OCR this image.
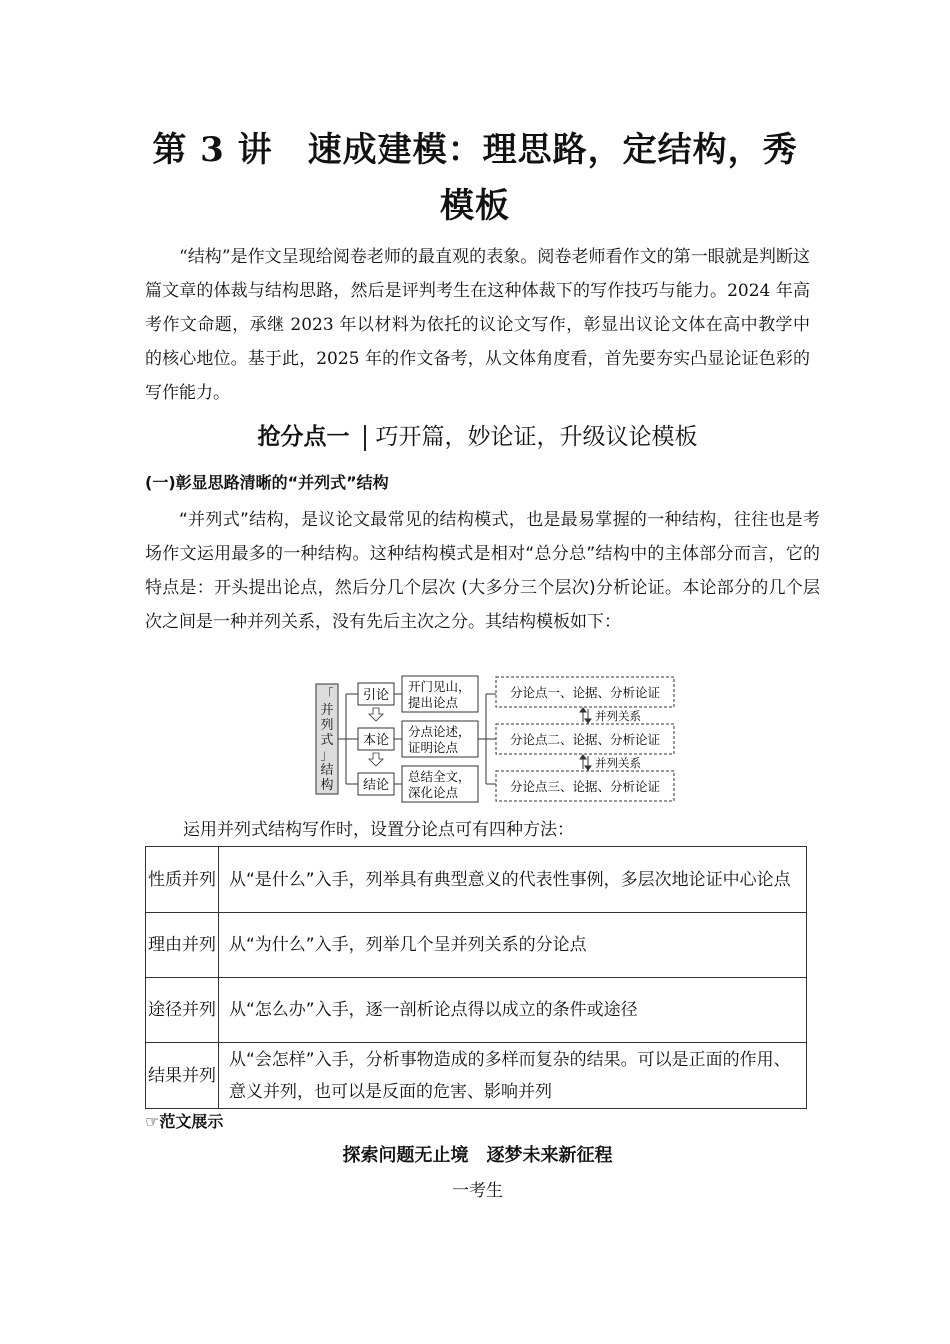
第 3 讲　速成建模：理思路，定结构，秀模板
“结构”是作文呈现给阅卷老师的最直观的表象。阅卷老师看作文的第一眼就是判断这篇文章的体裁与结构思路，然后是评判考生在这种体裁下的写作技巧与能力。2024 年高考作文命题，承继 2023 年以材料为依托的议论文写作，彰显出议论文体在高中教学中的核心地位。基于此，2025 年的作文备考，从文体角度看，首先要夯实凸显论证色彩的写作能力。
抢分点一 巧开篇，妙论证，升级议论模板
(一)彰显思路清晰的“并列式”结构
“并列式”结构，是议论文最常见的结构模式，也是最易掌握的一种结构，往往也是考场作文运用最多的一种结构。这种结构模式是相对“总分总”结构中的主体部分而言，它的特点是：开头提出论点，然后分几个层次 (大多分三个层次)分析论证。本论部分的几个层次之间是一种并列关系，没有先后主次之分。其结构模板如下：
「并列式」结构
引论
本论
结论
开门见山，
提出论点
分点论述，
证明论点
总结全文，
深化论点
分论点一、论据、分析论证
分论点二、论据、分析论证
分论点三、论据、分析论证
并列关系
并列关系
运用并列式结构写作时，设置分论点可有四种方法：
性质并列	从“是什么”入手，列举具有典型意义的代表性事例，多层次地论证中心论点
理由并列	从“为什么”入手，列举几个呈并列关系的分论点
途径并列	从“怎么办”入手，逐一剖析论点得以成立的条件或途径
结果并列	从“会怎样”入手，分析事物造成的多样而复杂的结果。可以是正面的作用、意义并列，也可以是反面的危害、影响并列
☞范文展示
探索问题无止境　逐梦未来新征程
一考生
